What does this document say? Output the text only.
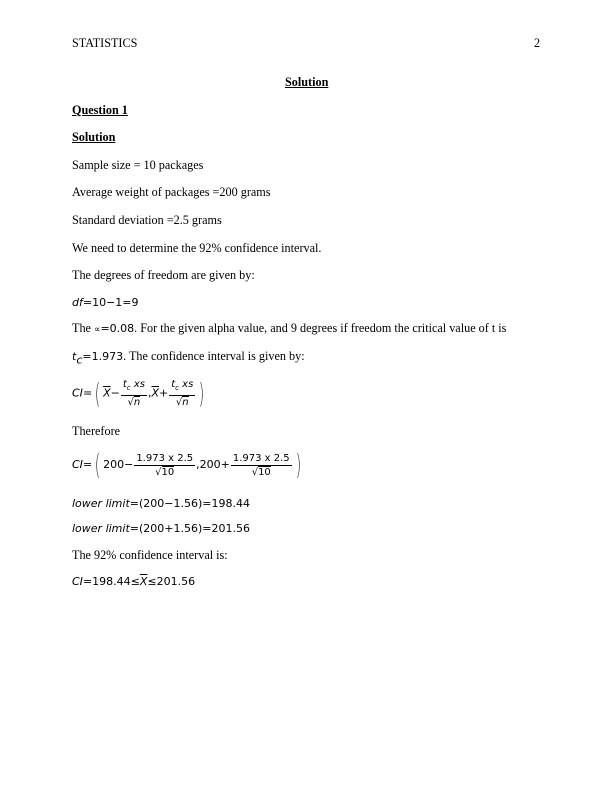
STATISTICS	2
Solution
Question 1
Solution
Sample size = 10 packages
Average weight of packages =200 grams
Standard deviation =2.5 grams
We need to determine the 92% confidence interval.
The degrees of freedom are given by:
df=10−1=9
The ∝=0.08. For the given alpha value, and 9 degrees if freedom the critical value of t is
$t_c=1.973$. The confidence interval is given by:
CI=( $\overline{X}- \frac{t_c xs}{√n} ,\overline{X}+ \frac{t_c xs}{√n}$ )
Therefore
CI=( $200- \frac{1.973 x 2.5}{√10} ,200+ \frac{1.973 x 2.5}{√10}$ )
lower limit=(200−1.56)=198.44
lower limit=(200+1.56)=201.56
The 92% confidence interval is:
$CI=198.44\le\overline{X}\le 201.56$
